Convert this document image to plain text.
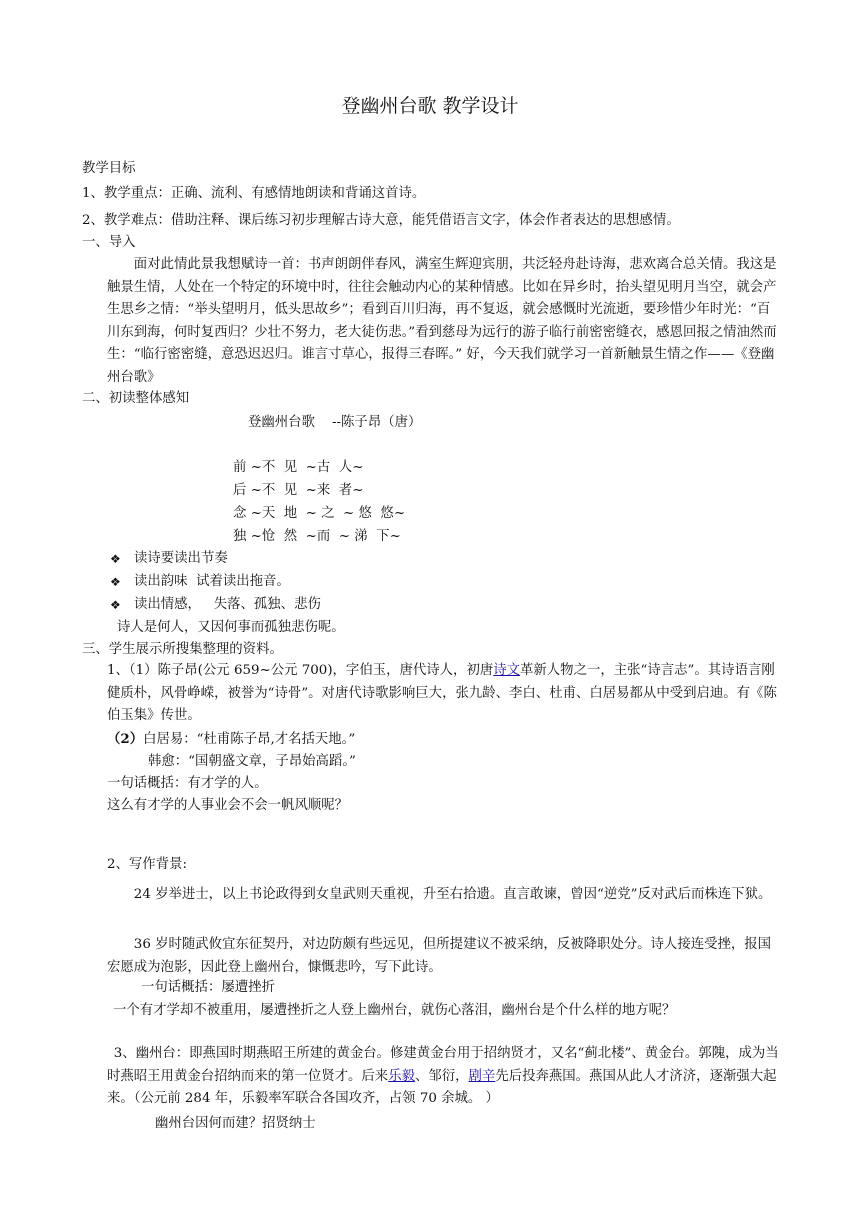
登幽州台歌 教学设计
教学目标
1、教学重点：正确、流利、有感情地朗读和背诵这首诗。
2、教学难点：借助注释、课后练习初步理解古诗大意，能凭借语言文字，体会作者表达的思想感情。
一、导入
面对此情此景我想赋诗一首：书声朗朗伴春风，满室生辉迎宾朋，共泛轻舟赴诗海，悲欢离合总关情。我这是触景生情，人处在一个特定的环境中时，往往会触动内心的某种情感。比如在异乡时，抬头望见明月当空，就会产生思乡之情：“举头望明月，低头思故乡”；看到百川归海，再不复返，就会感慨时光流逝，要珍惜少年时光：“百川东到海，何时复西归？少壮不努力，老大徒伤悲。”看到慈母为远行的游子临行前密密缝衣，感恩回报之情油然而生：“临行密密缝，意恐迟迟归。谁言寸草心，报得三春晖。” 好，今天我们就学习一首新触景生情之作——《登幽州台歌》
二、初读整体感知
登幽州台歌    --陈子昂（唐）
前 ~不  见  ~古  人~
后 ~不  见  ~来  者~
念 ~天  地  ~ 之  ~ 悠  悠~
独 ~怆  然  ~而  ~ 涕  下~
❖ 读诗要读出节奏
❖ 读出韵味  试着读出拖音。
❖ 读出情感，   失落、孤独、悲伤
诗人是何人，又因何事而孤独悲伤呢。
三、学生展示所搜集整理的资料。
1、（1）陈子昂(公元 659~公元 700)，字伯玉，唐代诗人，初唐诗文革新人物之一，主张“诗言志”。其诗语言刚健质朴，风骨峥嵘，被誉为“诗骨”。对唐代诗歌影响巨大，张九龄、李白、杜甫、白居易都从中受到启迪。有《陈伯玉集》传世。
（2）白居易：“杜甫陈子昂,才名括天地。”
韩愈：“国朝盛文章，子昂始高蹈。”
一句话概括：有才学的人。
这么有才学的人事业会不会一帆风顺呢？
2、写作背景:
24 岁举进士，以上书论政得到女皇武则天重视，升至右拾遗。直言敢谏，曾因“逆党”反对武后而株连下狱。
36 岁时随武攸宜东征契丹，对边防颇有些远见，但所提建议不被采纳，反被降职处分。诗人接连受挫，报国宏愿成为泡影，因此登上幽州台，慷慨悲吟，写下此诗。
一句话概括：屡遭挫折
一个有才学却不被重用，屡遭挫折之人登上幽州台，就伤心落泪，幽州台是个什么样的地方呢？
3、幽州台：即燕国时期燕昭王所建的黄金台。修建黄金台用于招纳贤才，又名“蓟北楼”、黄金台。郭隗，成为当时燕昭王用黄金台招纳而来的第一位贤才。后来乐毅、邹衍，剧辛先后投奔燕国。燕国从此人才济济，逐渐强大起来。（公元前 284 年，乐毅率军联合各国攻齐，占领 70 余城。 ）
幽州台因何而建？招贤纳士
